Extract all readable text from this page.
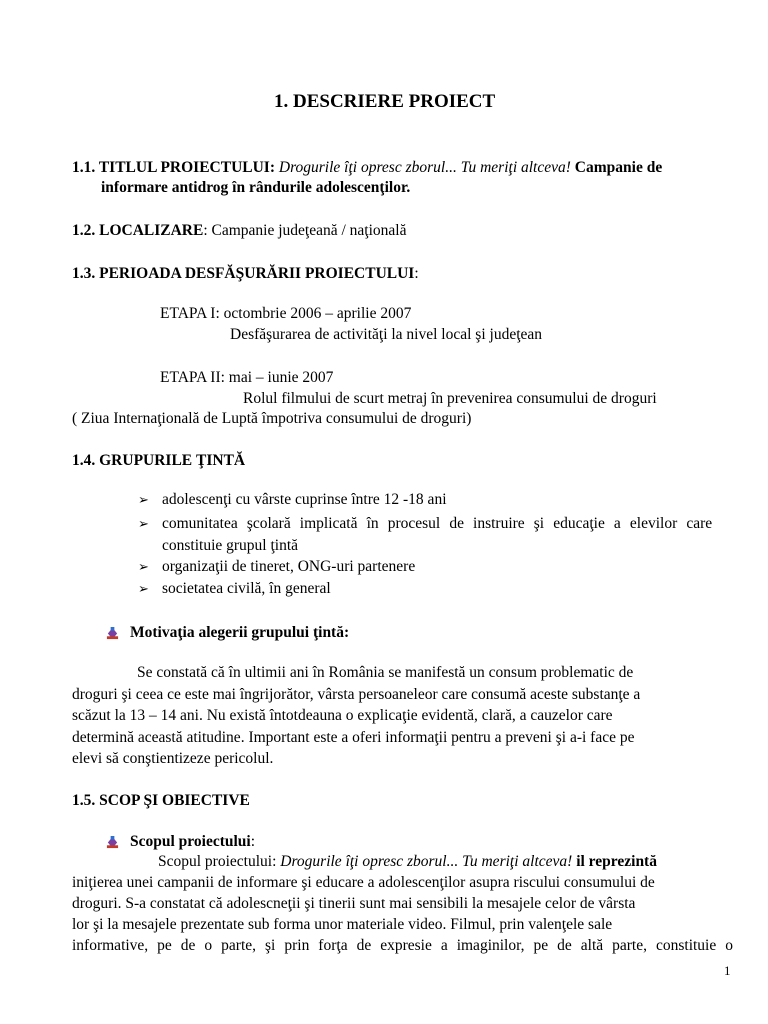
1. DESCRIERE PROIECT
1.1. TITLUL PROIECTULUI: Drogurile îţi opresc zborul... Tu meriţi altceva! Campanie de
informare antidrog în rândurile adolescenţilor.
1.2. LOCALIZARE: Campanie judeţeană / naţională
1.3. PERIOADA DESFĂŞURĂRII PROIECTULUI:
ETAPA I: octombrie 2006 – aprilie 2007
Desfăşurarea de activităţi la nivel local şi judeţean
ETAPA II: mai – iunie 2007
Rolul filmului de scurt metraj în prevenirea consumului de droguri
( Ziua Internaţională de Luptă împotriva consumului de droguri)
1.4. GRUPURILE ŢINTĂ
➢ adolescenţi cu vârste cuprinse între 12 -18 ani
➢ comunitatea şcolară implicată în procesul de instruire şi educaţie a elevilor care
constituie grupul ţintă
➢ organizaţii de tineret, ONG-uri partenere
➢ societatea civilă, în general
Motivaţia alegerii grupului ţintă:
Se constată că în ultimii ani în România se manifestă un consum problematic de
droguri şi ceea ce este mai îngrijorător, vârsta persoaneleor care consumă aceste substanţe a
scăzut la 13 – 14 ani. Nu există întotdeauna o explicaţie evidentă, clară, a cauzelor care
determină această atitudine. Important este a oferi informaţii pentru a preveni şi a-i face pe
elevi să conştientizeze pericolul.
1.5. SCOP ŞI OBIECTIVE
Scopul proiectului:
Scopul proiectului: Drogurile îţi opresc zborul... Tu meriţi altceva! il reprezintă
iniţierea unei campanii de informare şi educare a adolescenţilor asupra riscului consumului de
droguri. S-a constatat că adolescneţii şi tinerii sunt mai sensibili la mesajele celor de vârsta
lor şi la mesajele prezentate sub forma unor materiale video. Filmul, prin valenţele sale
informative, pe de o parte, şi prin forţa de expresie a imaginilor, pe de altă parte, constituie o
1
